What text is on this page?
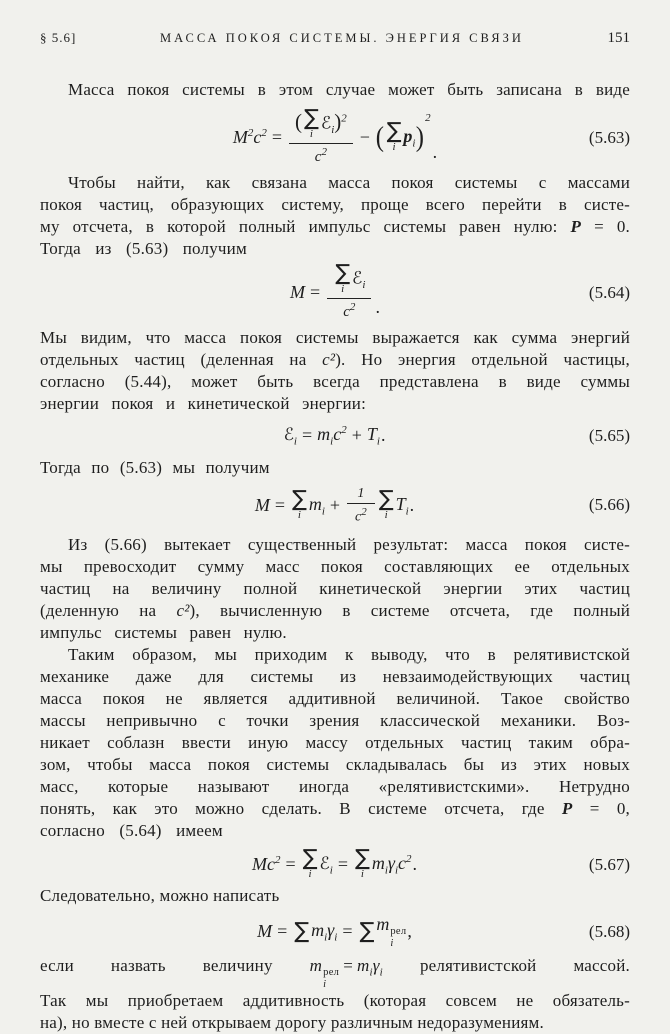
§ 5.6]	МАССА ПОКОЯ СИСТЕМЫ. ЭНЕРГИЯ СВЯЗИ	151
Масса покоя системы в этом случае может быть записана в виде
$M^2c^2$ = ( ∑
i
ℰ$_i$)$^2$
$c^2$ − ( ∑
i
$p_i$ )
2
.
(5.63)
Чтобы найти, как связана масса покоя системы с массами
покоя частиц, образующих систему, проще всего перейти в систе-
му отсчета, в которой полный импульс системы равен нулю: P = 0.
Тогда из (5.63) получим
M = ∑
i
ℰ$_i$
$c^2$ .
(5.64)
Мы видим, что масса покоя системы выражается как сумма энергий
отдельных частиц (деленная на c²). Но энергия отдельной частицы,
согласно (5.44), может быть всегда представлена в виде суммы
энергии покоя и кинетической энергии:
ℰ$_i$ = $m_ic^2 + T_i$ .	(5.65)
Тогда по (5.63) мы получим
M = ∑
i
$m_i + \frac{1}{c^2}$ ∑
i
$T_i$ .	(5.66)
Из (5.66) вытекает существенный результат: масса покоя систе-
мы превосходит сумму масс покоя составляющих ее отдельных
частиц на величину полной кинетической энергии этих частиц
(деленную на c²), вычисленную в системе отсчета, где полный
импульс системы равен нулю.
Таким образом, мы приходим к выводу, что в релятивистской
механике даже для системы из невзаимодействующих частиц
масса покоя не является аддитивной величиной. Такое свойство
массы непривычно с точки зрения классической механики. Воз-
никает соблазн ввести иную массу отдельных частиц таким обра-
зом, чтобы масса покоя системы складывалась бы из этих новых
масс, которые называют иногда «релятивистскими». Нетрудно
понять, как это можно сделать. В системе отсчета, где P = 0,
согласно (5.64) имеем
$Mc^2$ = ∑
i
ℰ$_i$ = ∑
i
$m_i\gamma_ic^2$ .	(5.67)
Следовательно, можно написать
M = ∑ $m_i\gamma_i$ = ∑ m рел
i
,	(5.68)
если назвать величину m рел
i
= $m_i\gamma_i$ релятивистской массой.
Так мы приобретаем аддитивность (которая совсем не обязатель-
на), но вместе с ней открываем дорогу различным недоразумениям.
